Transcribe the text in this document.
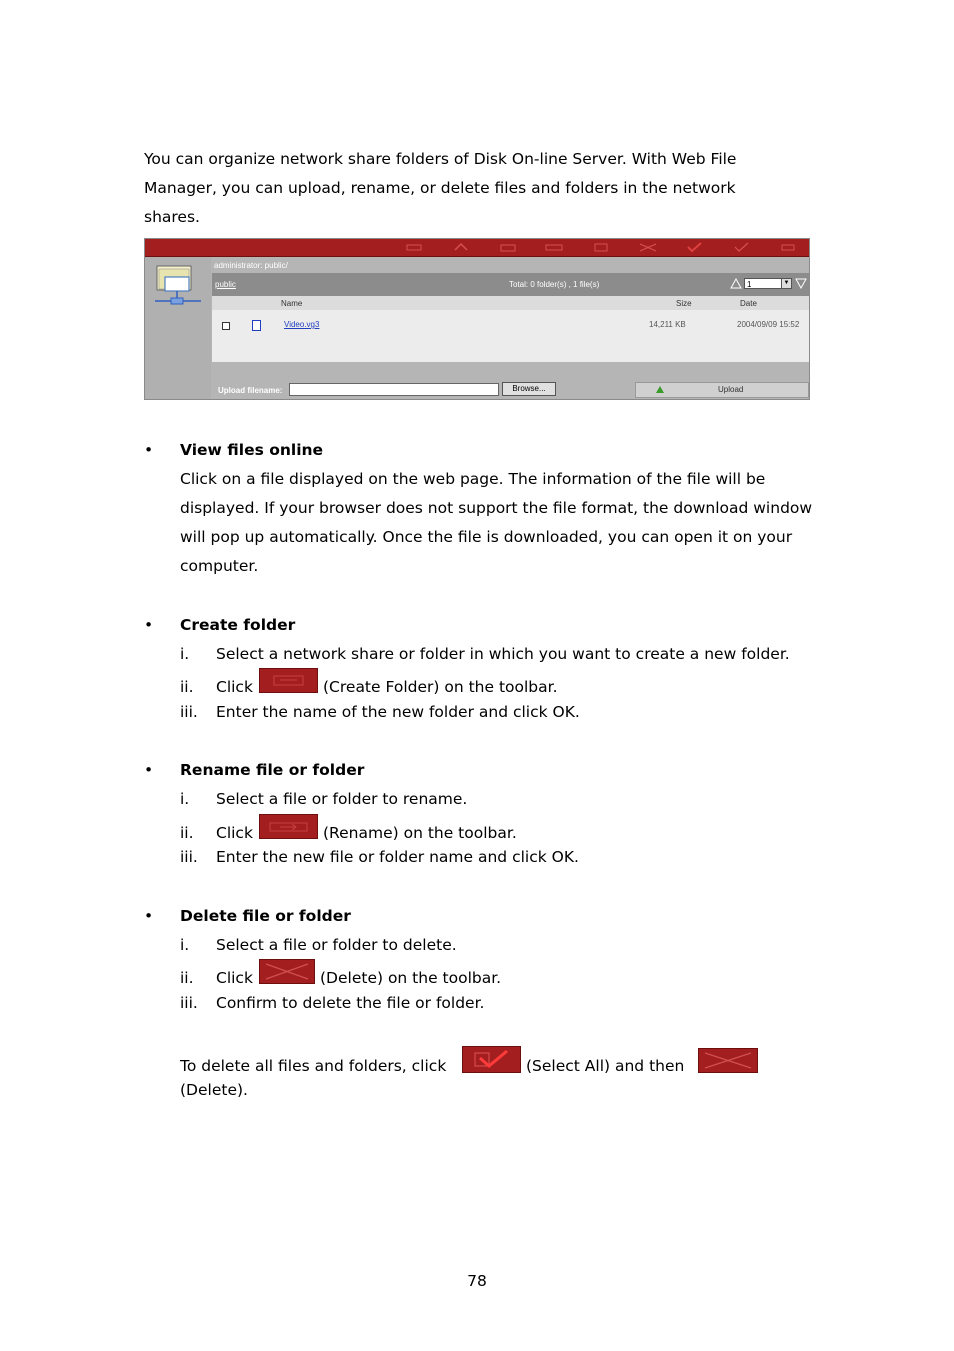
You can organize network share folders of Disk On-line Server. With Web File Manager, you can upload, rename, or delete files and folders in the network shares.
administrator: public/
public	Total: 0 folder(s) , 1 file(s)	1	▼
Name	Size	Date
Video.vg3	14,211 KB	2004/09/09 15:52
Upload filename:	Browse...	Upload
• View files online
Click on a file displayed on the web page. The information of the file will be displayed. If your browser does not support the file format, the download window will pop up automatically. Once the file is downloaded, you can open it on your computer.
• Create folder
i. Select a network share or folder in which you want to create a new folder.
ii. Click	(Create Folder) on the toolbar.
iii. Enter the name of the new folder and click OK.
• Rename file or folder
i. Select a file or folder to rename.
ii. Click	(Rename) on the toolbar.
iii. Enter the new file or folder name and click OK.
• Delete file or folder
i. Select a file or folder to delete.
ii. Click	(Delete) on the toolbar.
iii. Confirm to delete the file or folder.
To delete all files and folders, click	(Select All) and then
(Delete).
78
